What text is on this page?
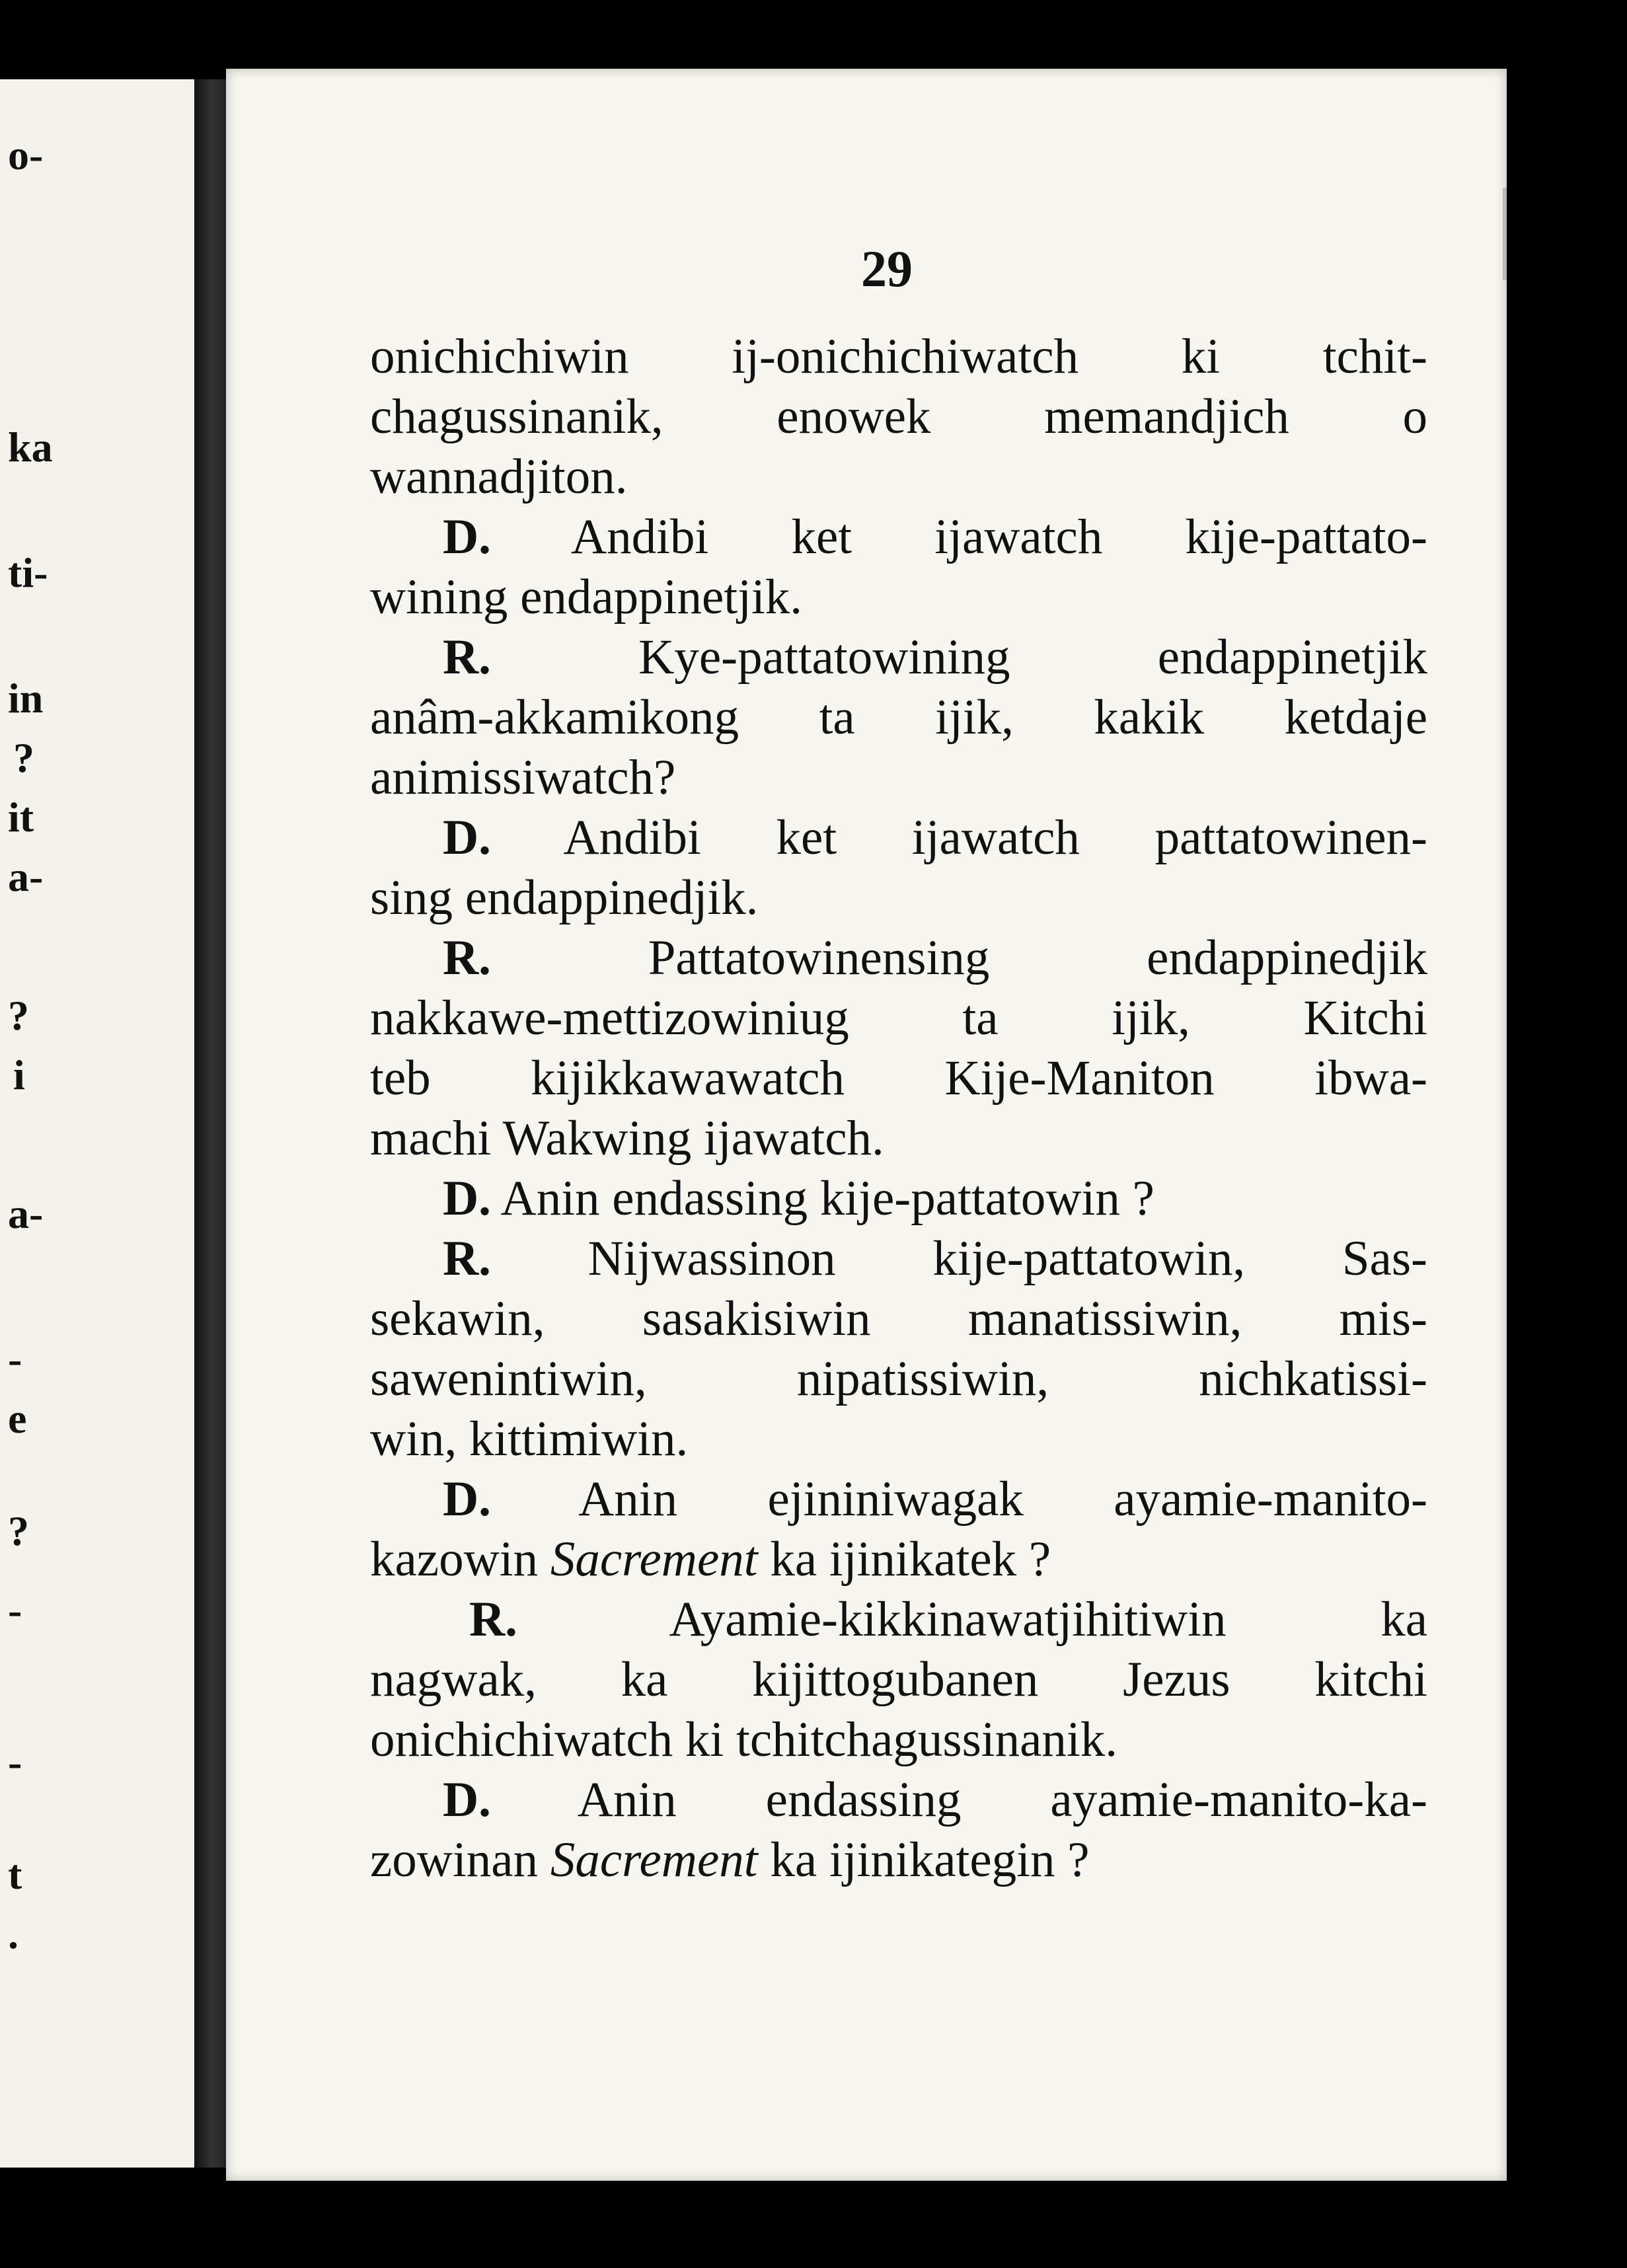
o-
ka
ti-
in
?
it
a-
?
i
a-
-
e
?
-
-
t
.
29
onichichiwin ij-onichichiwatch ki tchit-
chagussinanik, enowek memandjich o
wannadjiton.
D. Andibi ket ijawatch kije-pattato-
wining endappinetjik.
R.	Kye-pattatowining endappinetjik
anâm-akkamikong ta ijik, kakik ketdaje
animissiwatch?
D. Andibi ket ijawatch pattatowinen-
sing endappinedjik.
R.	Pattatowinensing endappinedjik
nakkawe-mettizowiniug ta ijik, Kitchi
teb kijikkawawatch Kije-Maniton ibwa-
machi Wakwing ijawatch.
D. Anin endassing kije-pattatowin ?
R. Nijwassinon kije-pattatowin, Sas-
sekawin, sasakisiwin manatissiwin, mis-
sawenintiwin, nipatissiwin, nichkatissi-
win, kittimiwin.
D. Anin ejininiwagak ayamie-manito-
kazowin Sacrement ka ijinikatek ?
R.	Ayamie-kikkinawatjihitiwin ka
nagwak, ka kijittogubanen Jezus kitchi
onichichiwatch ki tchitchagussinanik.
D. Anin endassing ayamie-manito-ka-
zowinan Sacrement ka ijinikategin ?
